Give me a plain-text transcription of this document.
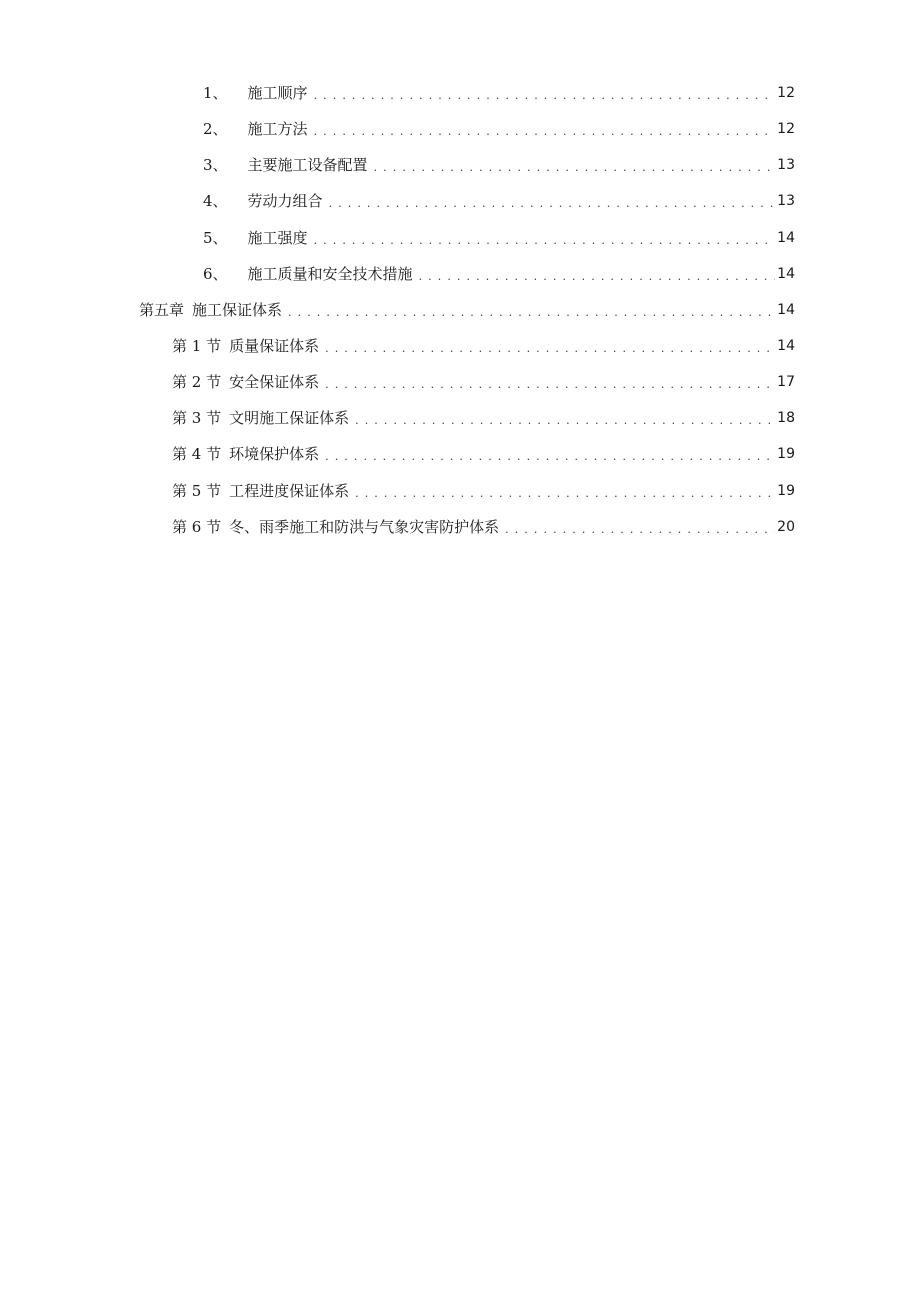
1、 施工顺序 . . .	12
2、 施工方法 . . .	12
3、 主要施工设备配置 . . .	13
4、 劳动力组合 . . .	13
5、 施工强度 . . .	14
6、 施工质量和安全技术措施 . . .	14
第五章 施工保证体系 . . .	14
第 1 节 质量保证体系 . . .	14
第 2 节 安全保证体系 . . .	17
第 3 节 文明施工保证体系 . . .	18
第 4 节 环境保护体系 . . .	19
第 5 节 工程进度保证体系 . . .	19
第 6 节 冬、雨季施工和防洪与气象灾害防护体系 . . .	20
